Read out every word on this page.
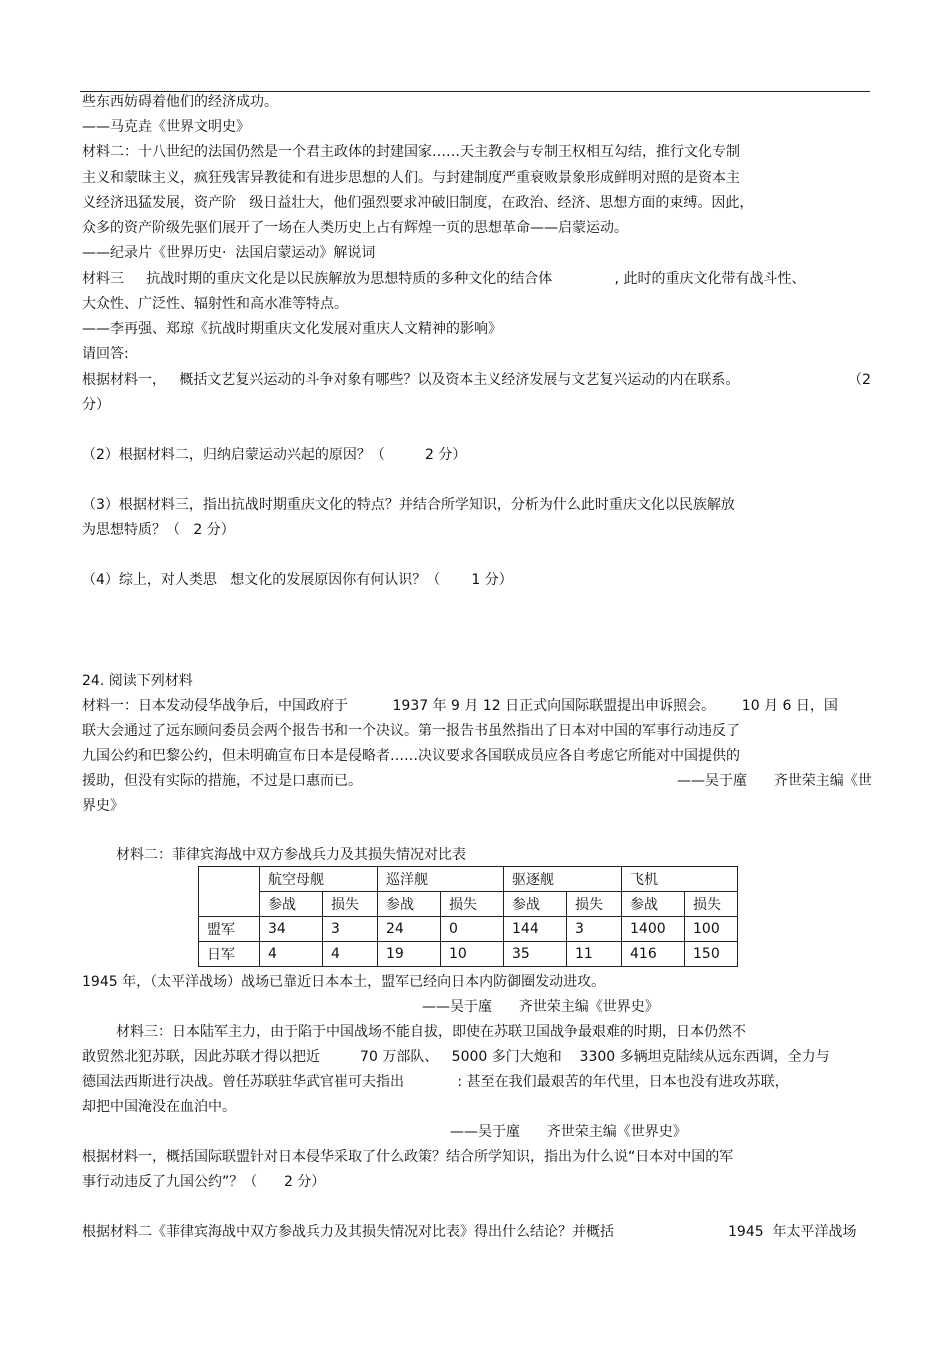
些东西妨碍着他们的经济成功。
——马克垚《世界文明史》
材料二：十八世纪的法国仍然是一个君主政体的封建国家……天主教会与专制王权相互勾结，推行文化专制
主义和蒙昧主义，疯狂残害异教徒和有进步思想的人们。与封建制度严重衰败景象形成鲜明对照的是资本主
义经济迅猛发展，资产阶   级日益壮大，他们强烈要求冲破旧制度，在政治、经济、思想方面的束缚。因此，
众多的资产阶级先驱们展开了一场在人类历史上占有辉煌一页的思想革命——启蒙运动。
——纪录片《世界历史·  法国启蒙运动》解说词
材料三     抗战时期的重庆文化是以民族解放为思想特质的多种文化的结合体              , 此时的重庆文化带有战斗性、
大众性、广泛性、辐射性和高水准等特点。
——李再强、郑琼《抗战时期重庆文化发展对重庆人文精神的影响》
请回答:
根据材料一，   概括文艺复兴运动的斗争对象有哪些？以及资本主义经济发展与文艺复兴运动的内在联系。	（2
分）
（2）根据材料二，归纳启蒙运动兴起的原因？（         2 分）
（3）根据材料三，指出抗战时期重庆文化的特点？并结合所学知识，分析为什么此时重庆文化以民族解放
为思想特质？（   2 分）
（4）综上，对人类思   想文化的发展原因你有何认识？（       1 分）
24. 阅读下列材料
材料一：日本发动侵华战争后，中国政府于          1937 年 9 月 12 日正式向国际联盟提出申诉照会。      10 月 6 日，国
联大会通过了远东顾问委员会两个报告书和一个决议。第一报告书虽然指出了日本对中国的军事行动违反了
九国公约和巴黎公约，但未明确宣布日本是侵略者……决议要求各国联成员应各自考虑它所能对中国提供的
援助，但没有实际的措施，不过是口惠而已。	——吴于廑      齐世荣主编《世
界史》
材料二：菲律宾海战中双方参战兵力及其损失情况对比表
	航空母舰		巡洋舰		驱逐舰		飞机	
	参战	损失	参战	损失	参战	损失	参战	损失
盟军	34	3	24	0	144	3	1400	100
日军	4	4	19	10	35	11	416	150
1945 年，（太平洋战场）战场已靠近日本本土，盟军已经向日本内防御圈发动进攻。
——吴于廑      齐世荣主编《世界史》
材料三：日本陆军主力，由于陷于中国战场不能自拔，即使在苏联卫国战争最艰难的时期，日本仍然不
敢贸然北犯苏联，因此苏联才得以把近         70 万部队、   5000 多门大炮和    3300 多辆坦克陆续从远东西调，全力与
德国法西斯进行决战。曾任苏联驻华武官崔可夫指出            : 甚至在我们最艰苦的年代里，日本也没有进攻苏联，
却把中国淹没在血泊中。
——吴于廑      齐世荣主编《世界史》
根据材料一，概括国际联盟针对日本侵华采取了什么政策？结合所学知识，指出为什么说“日本对中国的军
事行动违反了九国公约”？（      2 分）
根据材料二《菲律宾海战中双方参战兵力及其损失情况对比表》得出什么结论？并概括	1945  年太平洋战场
